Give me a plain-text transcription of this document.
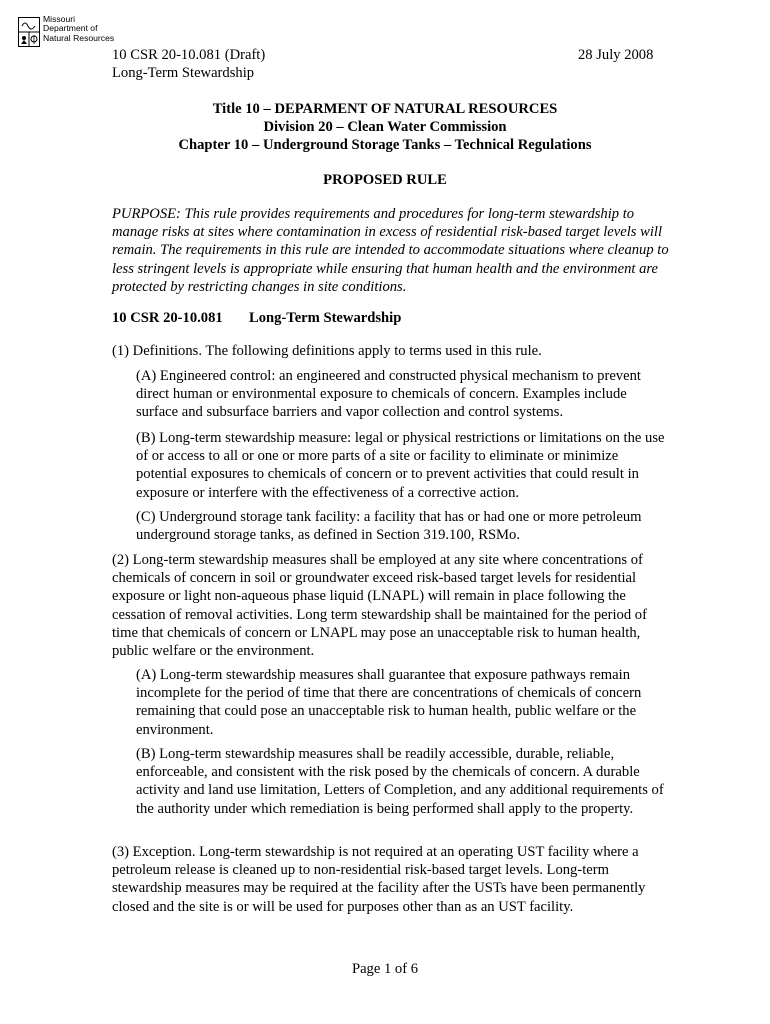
Missouri
Department of
Natural Resources
10 CSR 20-10.081 (Draft)
Long-Term Stewardship
28 July 2008
Title 10 – DEPARMENT OF NATURAL RESOURCES
Division 20 – Clean Water Commission
Chapter 10 – Underground Storage Tanks – Technical Regulations
PROPOSED RULE
PURPOSE: This rule provides requirements and procedures for long-term stewardship to manage risks at sites where contamination in excess of residential risk-based target levels will remain. The requirements in this rule are intended to accommodate situations where cleanup to less stringent levels is appropriate while ensuring that human health and the environment are protected by restricting changes in site conditions.
10 CSR 20-10.081 Long-Term Stewardship
(1) Definitions. The following definitions apply to terms used in this rule.
(A) Engineered control: an engineered and constructed physical mechanism to prevent direct human or environmental exposure to chemicals of concern. Examples include surface and subsurface barriers and vapor collection and control systems.
(B) Long-term stewardship measure: legal or physical restrictions or limitations on the use of or access to all or one or more parts of a site or facility to eliminate or minimize potential exposures to chemicals of concern or to prevent activities that could result in exposure or interfere with the effectiveness of a corrective action.
(C) Underground storage tank facility: a facility that has or had one or more petroleum underground storage tanks, as defined in Section 319.100, RSMo.
(2) Long-term stewardship measures shall be employed at any site where concentrations of chemicals of concern in soil or groundwater exceed risk-based target levels for residential exposure or light non-aqueous phase liquid (LNAPL) will remain in place following the cessation of removal activities. Long term stewardship shall be maintained for the period of time that chemicals of concern or LNAPL may pose an unacceptable risk to human health, public welfare or the environment.
(A) Long-term stewardship measures shall guarantee that exposure pathways remain incomplete for the period of time that there are concentrations of chemicals of concern remaining that could pose an unacceptable risk to human health, public welfare or the environment.
(B) Long-term stewardship measures shall be readily accessible, durable, reliable, enforceable, and consistent with the risk posed by the chemicals of concern. A durable activity and land use limitation, Letters of Completion, and any additional requirements of the authority under which remediation is being performed shall apply to the property.
(3) Exception. Long-term stewardship is not required at an operating UST facility where a petroleum release is cleaned up to non-residential risk-based target levels. Long-term stewardship measures may be required at the facility after the USTs have been permanently closed and the site is or will be used for purposes other than as an UST facility.
Page 1 of 6
